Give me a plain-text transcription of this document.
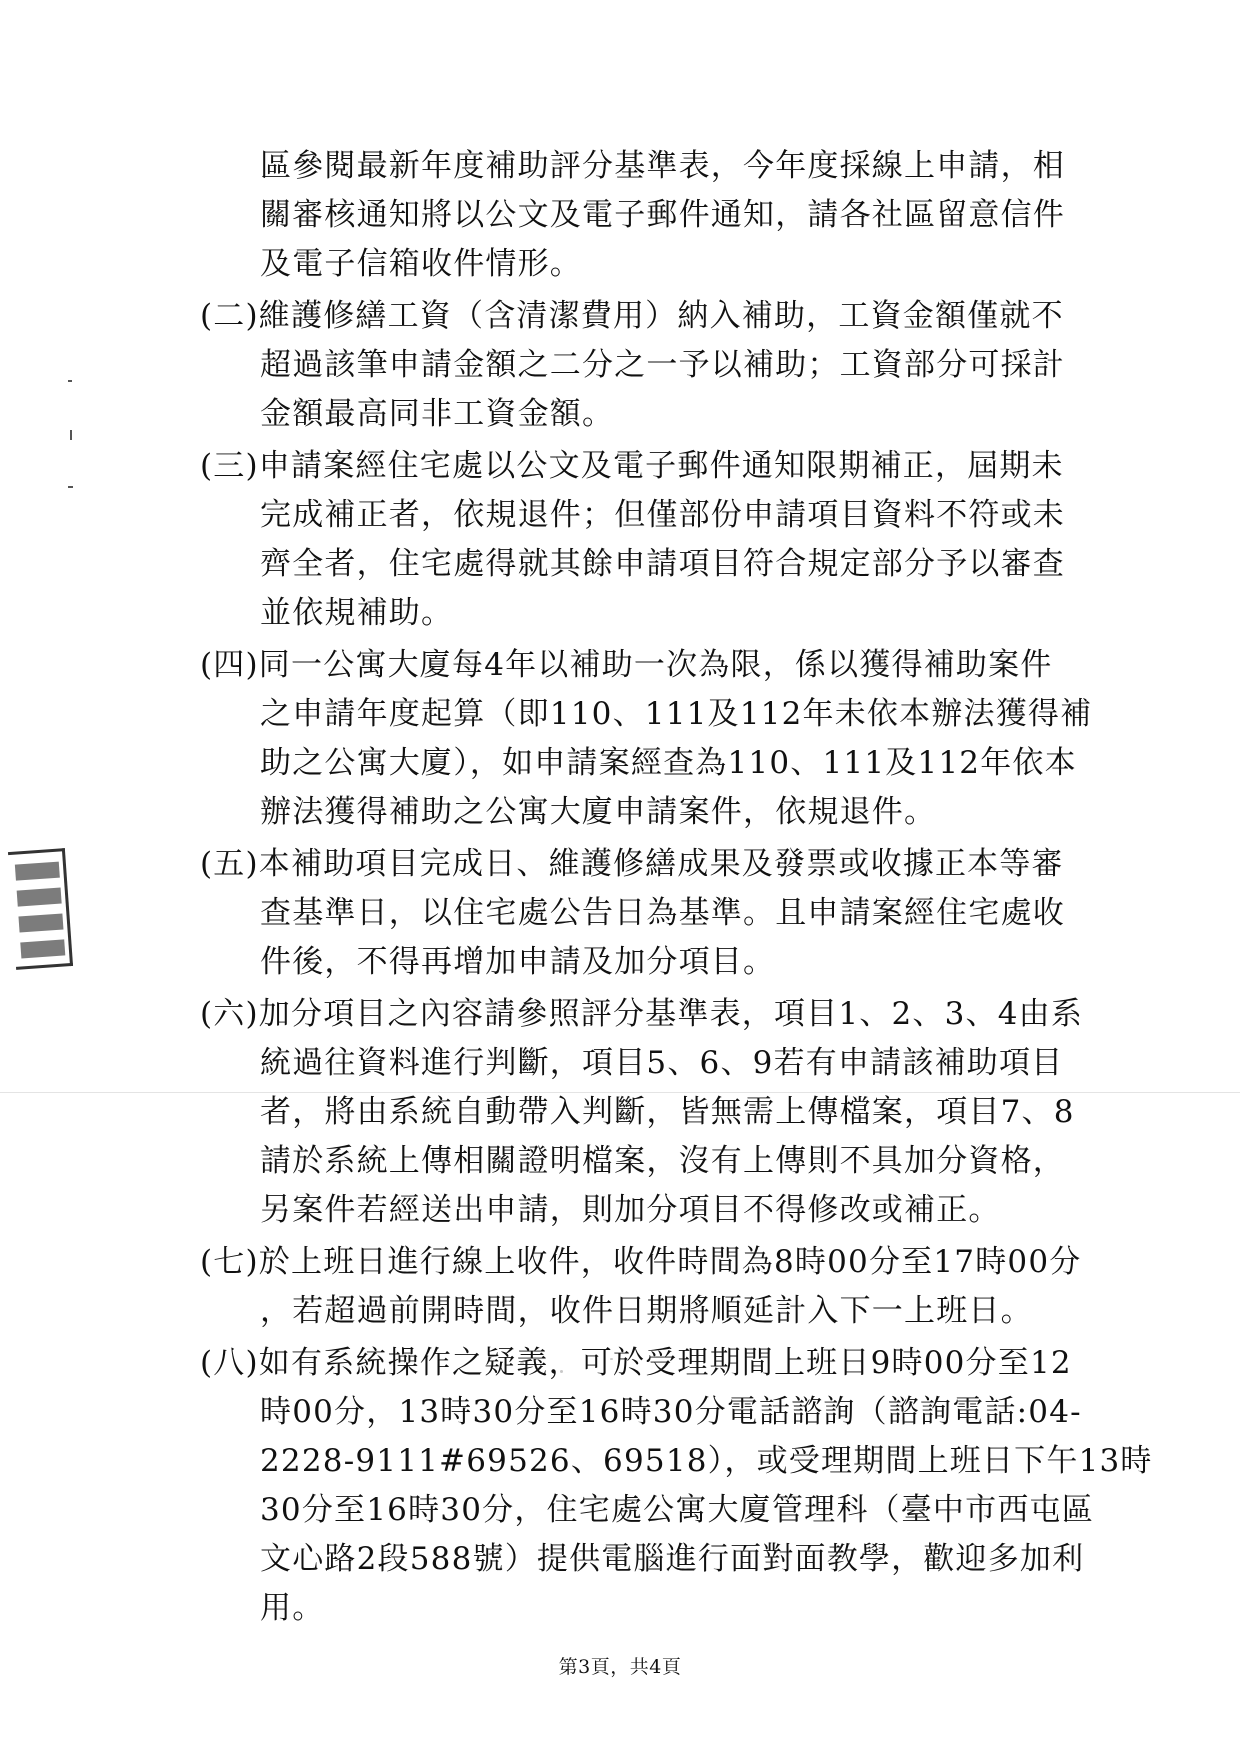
區參閱最新年度補助評分基準表，今年度採線上申請，相
關審核通知將以公文及電子郵件通知，請各社區留意信件
及電子信箱收件情形。
(二)維護修繕工資（含清潔費用）納入補助，工資金額僅就不
超過該筆申請金額之二分之一予以補助；工資部分可採計
金額最高同非工資金額。
(三)申請案經住宅處以公文及電子郵件通知限期補正，屆期未
完成補正者，依規退件；但僅部份申請項目資料不符或未
齊全者，住宅處得就其餘申請項目符合規定部分予以審查
並依規補助。
(四)同一公寓大廈每4年以補助一次為限，係以獲得補助案件
之申請年度起算（即110、111及112年未依本辦法獲得補
助之公寓大廈），如申請案經查為110、111及112年依本
辦法獲得補助之公寓大廈申請案件，依規退件。
(五)本補助項目完成日、維護修繕成果及發票或收據正本等審
查基準日，以住宅處公告日為基準。且申請案經住宅處收
件後，不得再增加申請及加分項目。
(六)加分項目之內容請參照評分基準表，項目1、2、3、4由系
統過往資料進行判斷，項目5、6、9若有申請該補助項目
者，將由系統自動帶入判斷，皆無需上傳檔案，項目7、8
請於系統上傳相關證明檔案，沒有上傳則不具加分資格，
另案件若經送出申請，則加分項目不得修改或補正。
(七)於上班日進行線上收件，收件時間為8時00分至17時00分
，若超過前開時間，收件日期將順延計入下一上班日。
(八)如有系統操作之疑義，可於受理期間上班日9時00分至12
時00分，13時30分至16時30分電話諮詢（諮詢電話:04-
2228-9111#69526、69518），或受理期間上班日下午13時
30分至16時30分，住宅處公寓大廈管理科（臺中市西屯區
文心路2段588號）提供電腦進行面對面教學，歡迎多加利
用。
第3頁，共4頁
